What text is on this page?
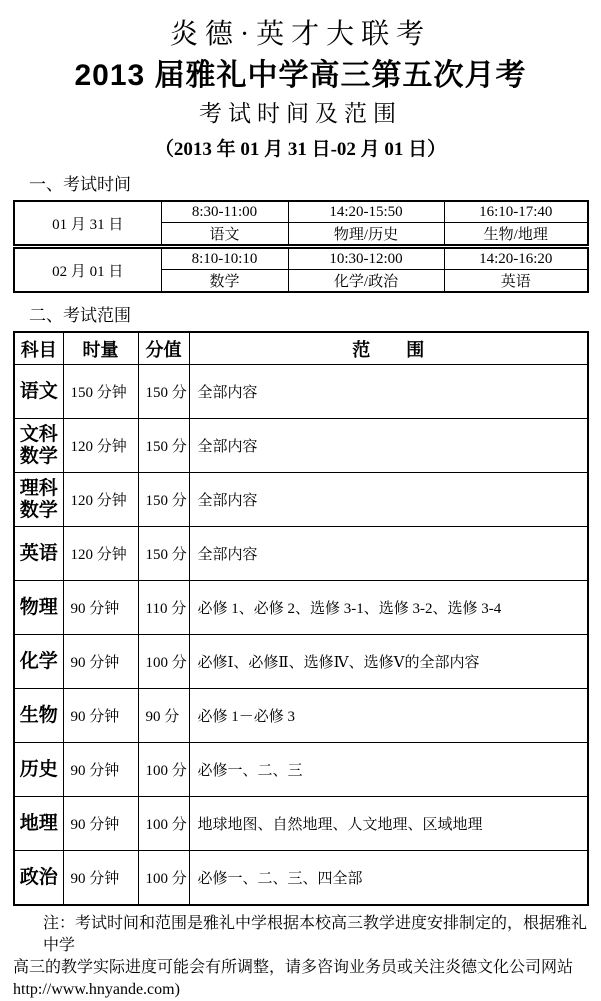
炎德·英才大联考
2013 届雅礼中学高三第五次月考
考试时间及范围
（2013 年 01 月 31 日-02 月 01 日）
一、考试时间
01 月 31 日	8:30-11:00	14:20-15:50	16:10-17:40
	语文	物理/历史	生物/地理
02 月 01 日	8:10-10:10	10:30-12:00	14:20-16:20
	数学	化学/政治	英语
二、考试范围
科目	时量	分值	范　　围
语文	150 分钟	150 分	全部内容
文科数学	120 分钟	150 分	全部内容
理科数学	120 分钟	150 分	全部内容
英语	120 分钟	150 分	全部内容
物理	90 分钟	110 分	必修 1、必修 2、选修 3-1、选修 3-2、选修 3-4
化学	90 分钟	100 分	必修Ⅰ、必修Ⅱ、选修Ⅳ、选修Ⅴ的全部内容
生物	90 分钟	90 分	必修 1－必修 3
历史	90 分钟	100 分	必修一、二、三
地理	90 分钟	100 分	地球地图、自然地理、人文地理、区域地理
政治	90 分钟	100 分	必修一、二、三、四全部
注：考试时间和范围是雅礼中学根据本校高三教学进度安排制定的，根据雅礼中学
高三的教学实际进度可能会有所调整，请多咨询业务员或关注炎德文化公司网站
http://www.hnyande.com)
